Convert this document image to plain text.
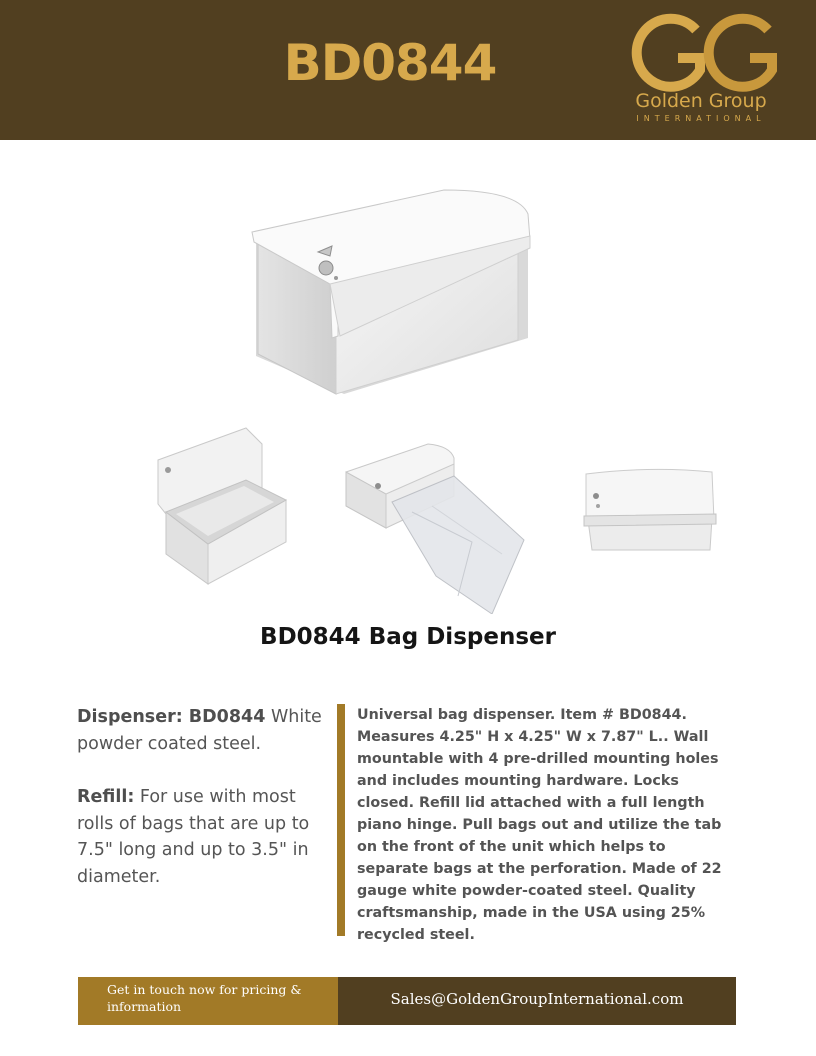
BD0844
Golden Group
INTERNATIONAL
BD0844 Bag Dispenser

Dispenser: BD0844 White powder coated steel.

Refill: For use with most rolls of bags that are up to 7.5" long and up to 3.5" in diameter.

Universal bag dispenser. Item # BD0844. Measures 4.25" H x 4.25" W x 7.87" L.. Wall mountable with 4 pre-drilled mounting holes and includes mounting hardware. Locks closed. Refill lid attached with a full length piano hinge. Pull bags out and utilize the tab on the front of the unit which helps to separate bags at the perforation. Made of 22 gauge white powder-coated steel. Quality craftsmanship, made in the USA using 25% recycled steel.
Get in touch now for pricing & information	Sales@GoldenGroupInternational.com
